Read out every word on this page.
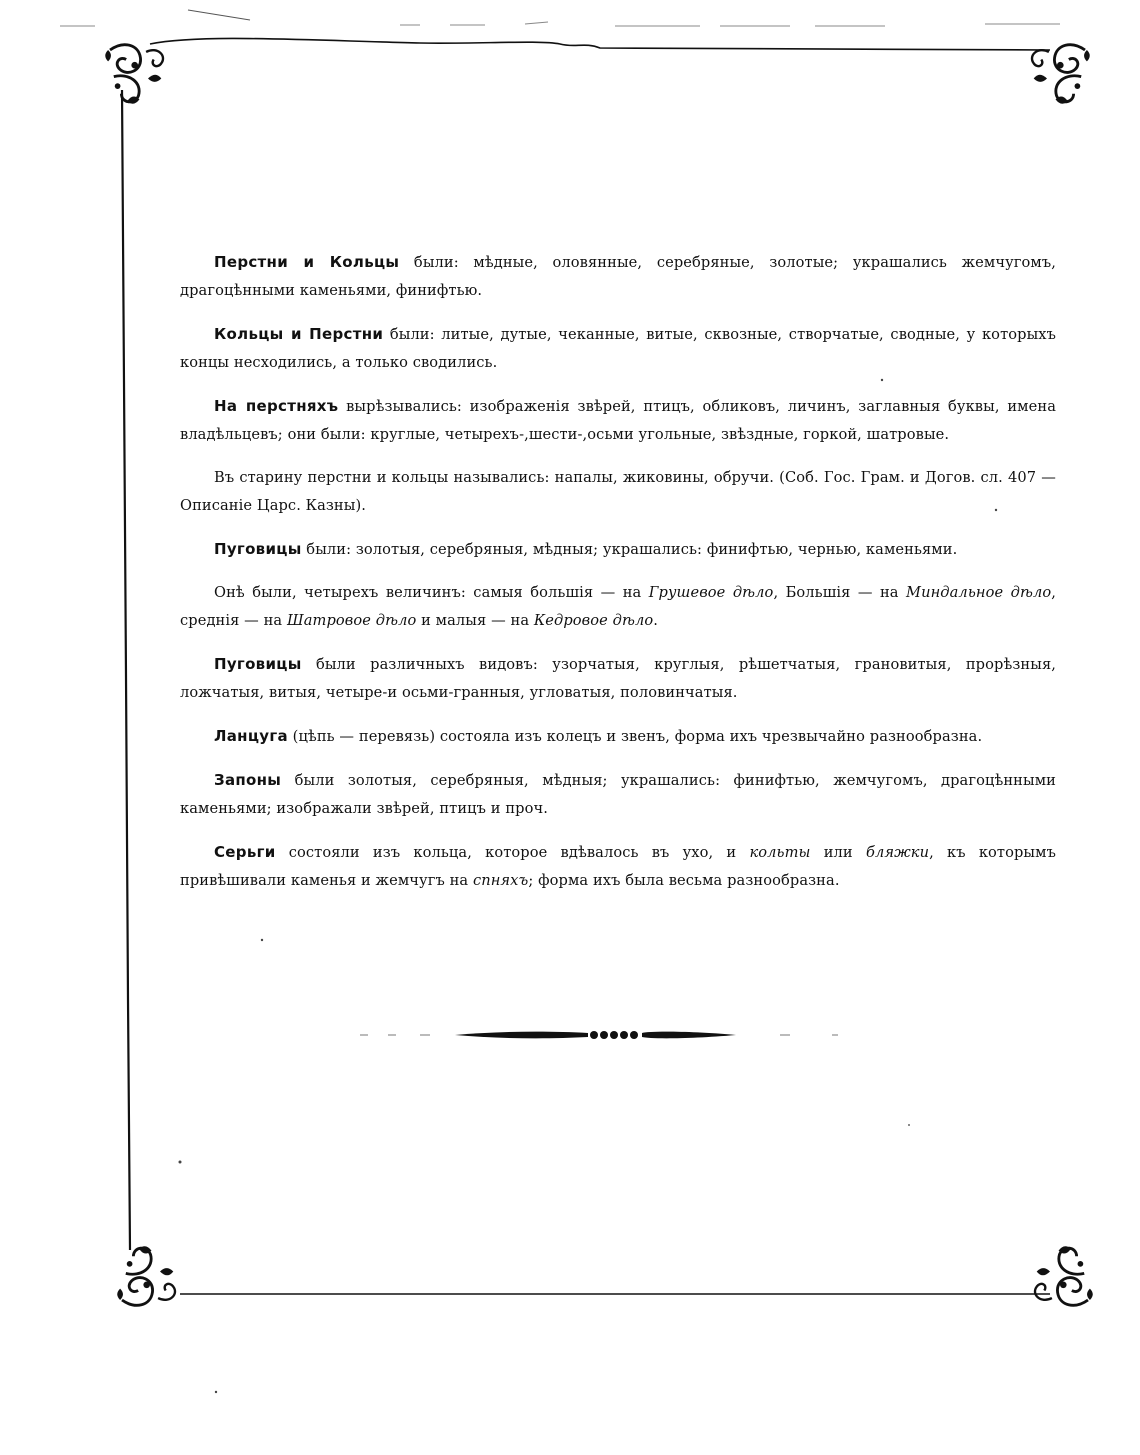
Перстни и Кольцы были: мѣдные, оловянные, серебряные, золотые; украшались жемчугомъ, драгоцѣнными каменьями, финифтью.

Кольцы и Перстни были: литые, дутые, чеканные, витые, сквозные, створчатые, сводные, у которыхъ концы несходились, а только сводились.

На перстняхъ вырѣзывались: изображенія звѣрей, птицъ, обликовъ, личинъ, заглавныя буквы, имена владѣльцевъ; они были: круглые, четырехъ-,шести-,осьми угольные, звѣздные, горкой, шатровые.

Въ старину перстни и кольцы назывались: напалы, жиковины, обручи. (Соб. Гос. Грам. и Догов. сл. 407 — Описаніе Царс. Казны).

Пуговицы были: золотыя, серебряныя, мѣдныя; украшались: финифтью, чернью, каменьями.

Онѣ были, четырехъ величинъ: самыя большія — на Грушевое дѣло, Большія — на Миндальное дѣло, среднія — на Шатровое дѣло и малыя — на Кедровое дѣло.

Пуговицы были различныхъ видовъ: узорчатыя, круглыя, рѣшетчатыя, грановитыя, прорѣзныя, ложчатыя, витыя, четыре-и осьми-гранныя, угловатыя, половинчатыя.

Ланцуга (цѣпь — перевязь) состояла изъ колецъ и звенъ, форма ихъ чрезвычайно разнообразна.

Запоны были золотыя, серебряныя, мѣдныя; украшались: финифтью, жемчугомъ, драгоцѣнными каменьями; изображали звѣрей, птицъ и проч.

Серьги состояли изъ кольца, которое вдѣвалось въ ухо, и кольты или бляжки, къ которымъ привѣшивали каменья и жемчугъ на спняхъ; форма ихъ была весьма разнообразна.
